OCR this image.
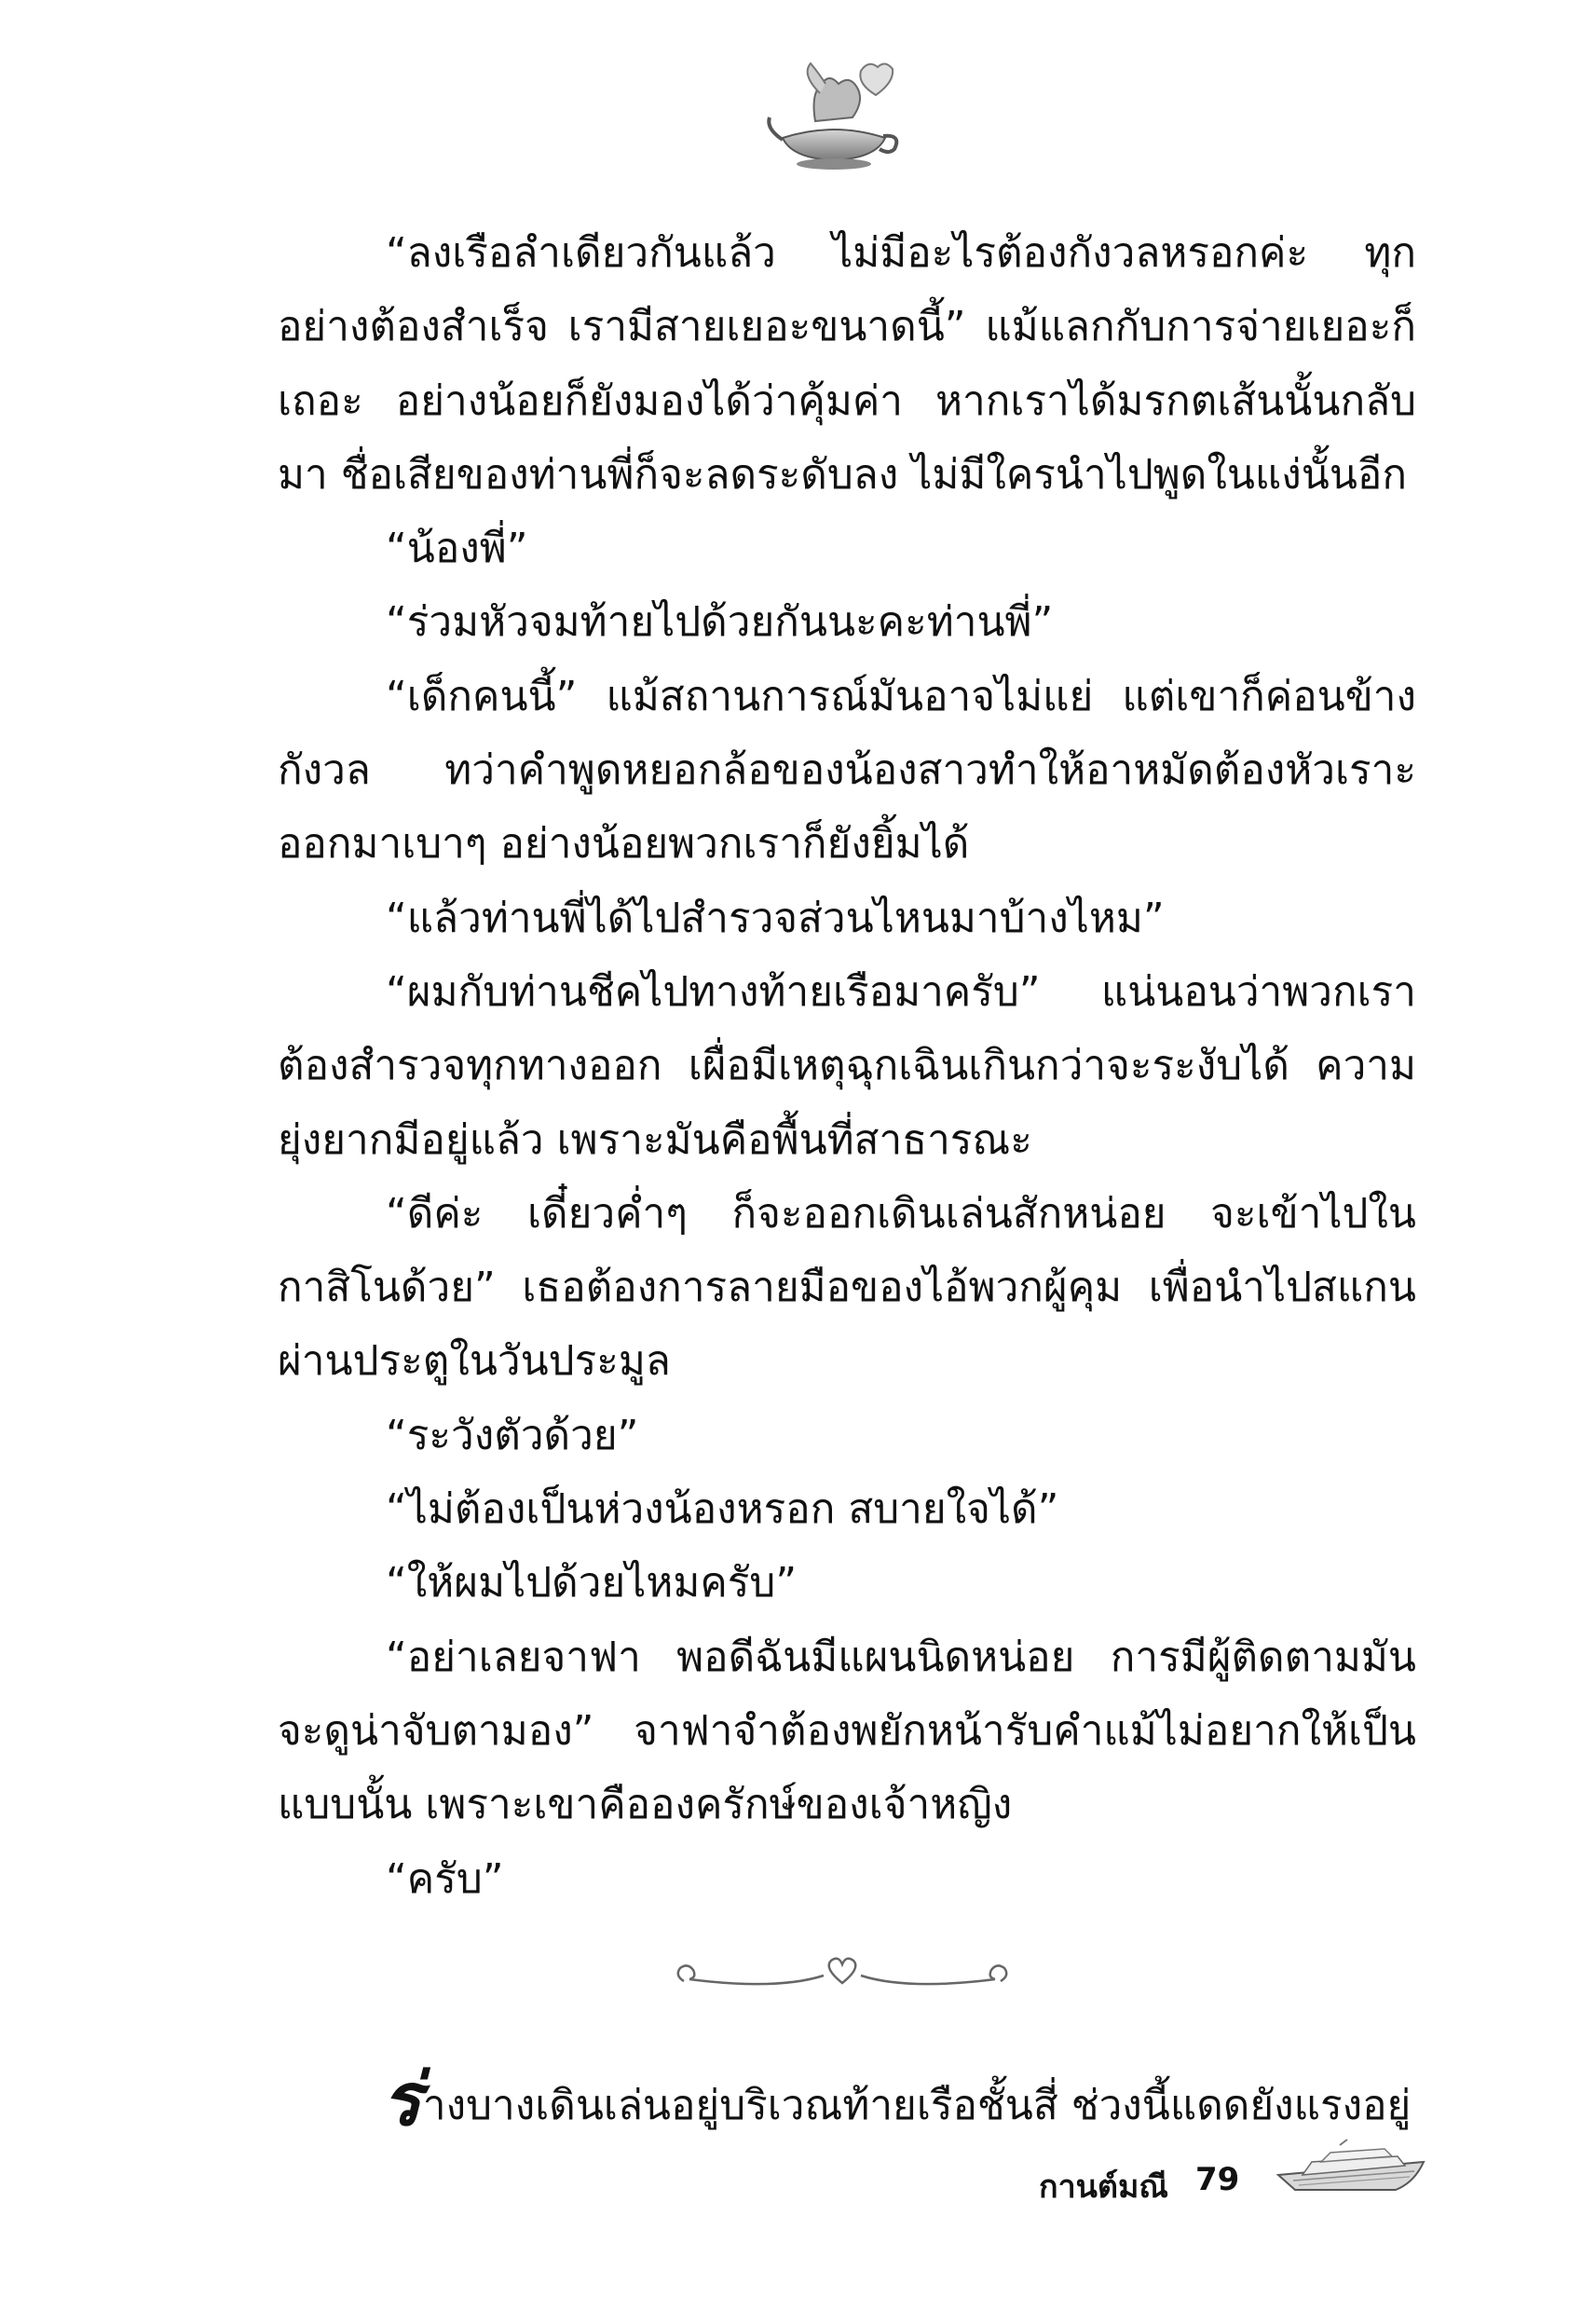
“ลงเรือลำเดียวกันแล้ว ไม่มีอะไรต้องกังวลหรอกค่ะ ทุกอย่างต้องสำเร็จ เรามีสายเยอะขนาดนี้” แม้แลกกับการจ่ายเยอะก็เถอะ อย่างน้อยก็ยังมองได้ว่าคุ้มค่า หากเราได้มรกตเส้นนั้นกลับมา ชื่อเสียของท่านพี่ก็จะลดระดับลง ไม่มีใครนำไปพูดในแง่นั้นอีก

“น้องพี่”

“ร่วมหัวจมท้ายไปด้วยกันนะคะท่านพี่”

“เด็กคนนี้” แม้สถานการณ์มันอาจไม่แย่ แต่เขาก็ค่อนข้างกังวล ทว่าคำพูดหยอกล้อของน้องสาวทำให้อาหมัดต้องหัวเราะออกมาเบาๆ อย่างน้อยพวกเราก็ยังยิ้มได้

“แล้วท่านพี่ได้ไปสำรวจส่วนไหนมาบ้างไหม”

“ผมกับท่านชีคไปทางท้ายเรือมาครับ” แน่นอนว่าพวกเราต้องสำรวจทุกทางออก เผื่อมีเหตุฉุกเฉินเกินกว่าจะระงับได้ ความยุ่งยากมีอยู่แล้ว เพราะมันคือพื้นที่สาธารณะ

“ดีค่ะ เดี๋ยวค่ำๆ ก็จะออกเดินเล่นสักหน่อย จะเข้าไปในกาสิโนด้วย” เธอต้องการลายมือของไอ้พวกผู้คุม เพื่อนำไปสแกนผ่านประตูในวันประมูล

“ระวังตัวด้วย”

“ไม่ต้องเป็นห่วงน้องหรอก สบายใจได้”

“ให้ผมไปด้วยไหมครับ”

“อย่าเลยจาฟา พอดีฉันมีแผนนิดหน่อย การมีผู้ติดตามมันจะดูน่าจับตามอง” จาฟาจำต้องพยักหน้ารับคำแม้ไม่อยากให้เป็นแบบนั้น เพราะเขาคือองครักษ์ของเจ้าหญิง

“ครับ”

ร่างบางเดินเล่นอยู่บริเวณท้ายเรือชั้นสี่ ช่วงนี้แดดยังแรงอยู่
กานต์มณี 79
